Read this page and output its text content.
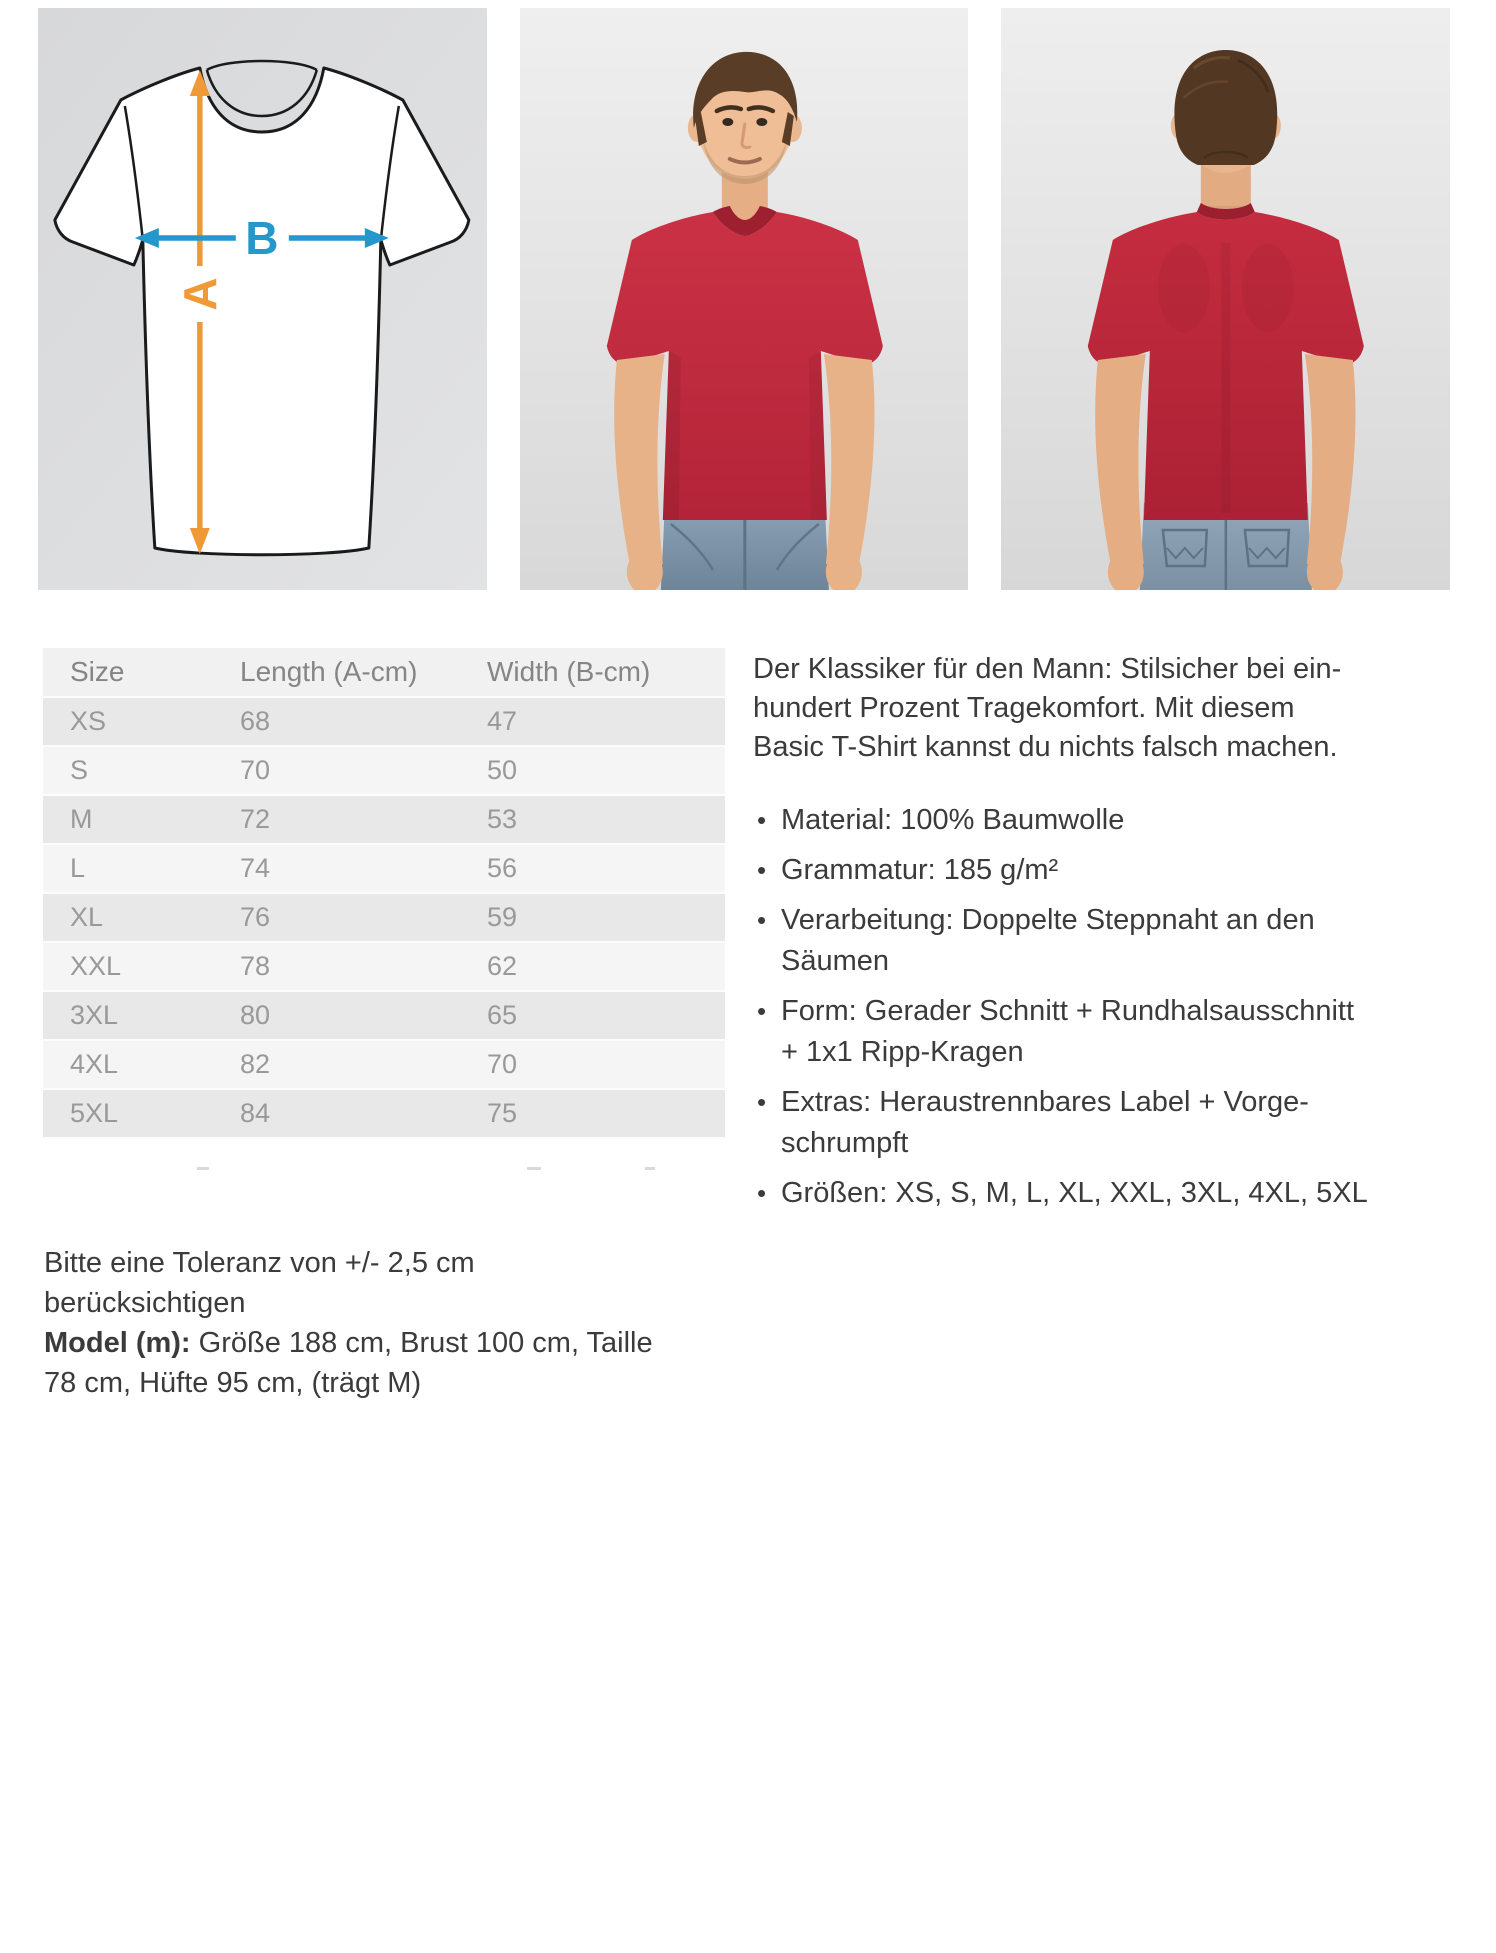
A
B
Size	Length (A-cm)	Width (B-cm)
XS	68	47
S	70	50
M	72	53
L	74	56
XL	76	59
XXL	78	62
3XL	80	65
4XL	82	70
5XL	84	75

Der Klassiker für den Mann: Stilsicher bei ein-
hundert Prozent Tragekomfort. Mit diesem
Basic T-Shirt kannst du nichts falsch machen.

• Material: 100% Baumwolle
• Grammatur: 185 g/m²
• Verarbeitung: Doppelte Steppnaht an den
Säumen
• Form: Gerader Schnitt + Rundhalsausschnitt
+ 1x1 Ripp-Kragen
• Extras: Heraustrennbares Label + Vorge-
schrumpft
• Größen: XS, S, M, L, XL, XXL, 3XL, 4XL, 5XL

Bitte eine Toleranz von +/- 2,5 cm berücksichtigen

Model (m): Größe 188 cm, Brust 100 cm, Taille 78 cm, Hüfte 95 cm, (trägt M)
